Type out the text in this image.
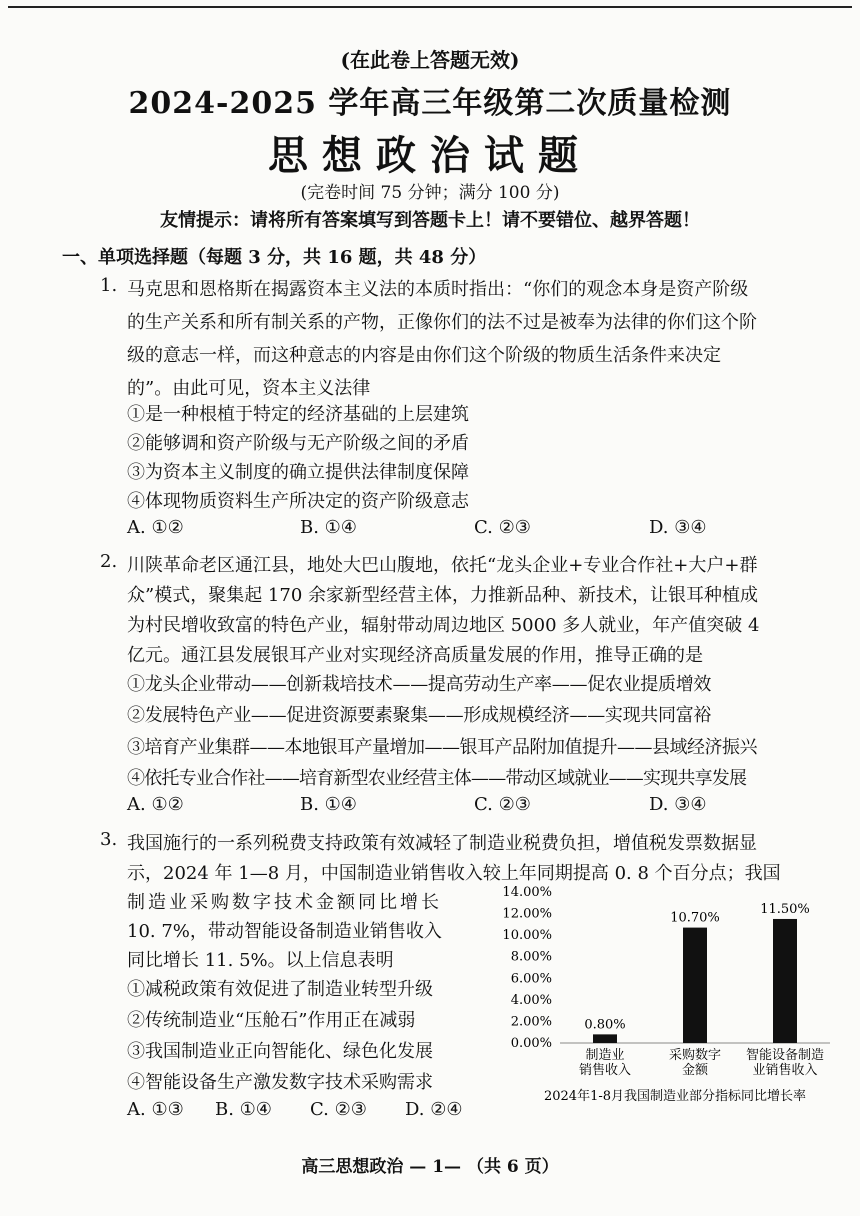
(在此卷上答题无效)
2024-2025 学年高三年级第二次质量检测
思想政治试题
(完卷时间 75 分钟；满分 100 分)
友情提示：请将所有答案填写到答题卡上！请不要错位、越界答题！
一、单项选择题（每题 3 分，共 16 题，共 48 分）
1. 马克思和恩格斯在揭露资本主义法的本质时指出：“你们的观念本身是资产阶级
的生产关系和所有制关系的产物，正像你们的法不过是被奉为法律的你们这个阶
级的意志一样，而这种意志的内容是由你们这个阶级的物质生活条件来决定
的”。由此可见，资本主义法律
①是一种根植于特定的经济基础的上层建筑
②能够调和资产阶级与无产阶级之间的矛盾
③为资本主义制度的确立提供法律制度保障
④体现物质资料生产所决定的资产阶级意志
A. ①②	B. ①④	C. ②③	D. ③④
2. 川陕革命老区通江县，地处大巴山腹地，依托“龙头企业+专业合作社+大户+群
众”模式，聚集起 170 余家新型经营主体，力推新品种、新技术，让银耳种植成
为村民增收致富的特色产业，辐射带动周边地区 5000 多人就业，年产值突破 4
亿元。通江县发展银耳产业对实现经济高质量发展的作用，推导正确的是
①龙头企业带动——创新栽培技术——提高劳动生产率——促农业提质增效
②发展特色产业——促进资源要素聚集——形成规模经济——实现共同富裕
③培育产业集群——本地银耳产量增加——银耳产品附加值提升——县域经济振兴
④依托专业合作社——培育新型农业经营主体——带动区域就业——实现共享发展
A. ①②	B. ①④	C. ②③	D. ③④
3. 我国施行的一系列税费支持政策有效减轻了制造业税费负担，增值税发票数据显
示，2024 年 1—8 月，中国制造业销售收入较上年同期提高 0. 8 个百分点；我国
制造业采购数字技术金额同比增长
10. 7%，带动智能设备制造业销售收入
同比增长 11. 5%。以上信息表明
①减税政策有效促进了制造业转型升级
②传统制造业“压舱石”作用正在减弱
③我国制造业正向智能化、绿色化发展
④智能设备生产激发数字技术采购需求
A. ①③ B. ①④ C. ②③ D. ②④
0.00%
2.00%
4.00%
6.00%
8.00%
10.00%
12.00%
14.00%
0.80%
制造业
销售收入
10.70%
采购数字
金额
11.50%
智能设备制造
业销售收入
2024年1-8月我国制造业部分指标同比增长率
高三思想政治 — 1— （共 6 页）
